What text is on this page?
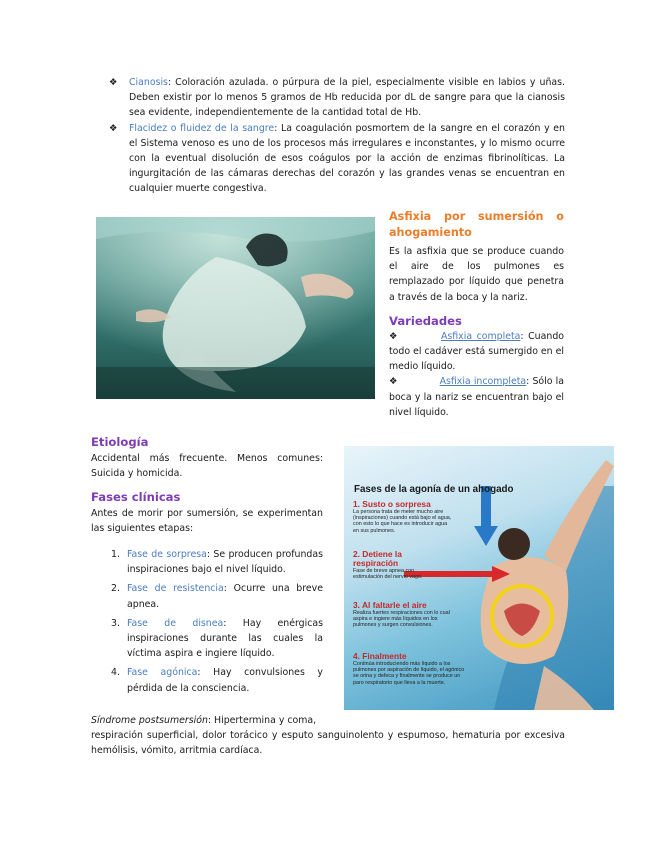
❖ Cianosis: Coloración azulada. o púrpura de la piel, especialmente visible en labios y uñas. Deben existir por lo menos 5 gramos de Hb reducida por dL de sangre para que la cianosis sea evidente, independientemente de la cantidad total de Hb.

❖ Flacidez o fluidez de la sangre: La coagulación posmortem de la sangre en el corazón y en el Sistema venoso es uno de los procesos más irregulares e inconstantes, y lo mismo ocurre con la eventual disolución de esos coágulos por la acción de enzimas fibrinolíticas. La ingurgitación de las cámaras derechas del corazón y las grandes venas se encuentran en cualquier muerte congestiva.

Asfixia por sumersión o ahogamiento

Es la asfixia que se produce cuando el aire de los pulmones es remplazado por líquido que penetra a través de la boca y la nariz.

Variedades

❖	Asfixia completa: Cuando todo el cadáver está sumergido en el medio líquido.

❖	Asfixia incompleta: Sólo la boca y la nariz se encuentran bajo el nivel líquido.

Etiología

Accidental más frecuente. Menos comunes: Suicida y homicida.

Fases clínicas

Antes de morir por sumersión, se experimentan las siguientes etapas:

1. Fase de sorpresa: Se producen profundas inspiraciones bajo el nivel líquido.
2. Fase de resistencia: Ocurre una breve apnea.
3. Fase de disnea: Hay enérgicas inspiraciones durante las cuales la víctima aspira e ingiere líquido.
4. Fase agónica: Hay convulsiones y pérdida de la consciencia.
Fases de la agonía de un ahogado
1. Susto o sorpresa
La persona trata de meter mucho aire (inspiraciones) cuando está bajo el agua, con esto lo que hace es introducir agua en sus pulmones.
2. Detiene la respiración
Fase de breve apnea con estimulación del nervio vago.
3. Al faltarle el aire
Realiza fuertes respiraciones con lo cual aspira e ingiere más líquidos en los pulmones y surgen convulsiones.
4. Finalmente
Continúa introduciendo más líquido a los pulmones por aspiración de líquido, el agónico se orina y defeca y finalmente se produce un paro respiratorio que lleva a la muerte.

Síndrome postsumersión: Hipertermina y coma,

respiración superficial, dolor torácico y esputo sanguinolento y espumoso, hematuria por excesiva hemólisis, vómito, arritmia cardíaca.
